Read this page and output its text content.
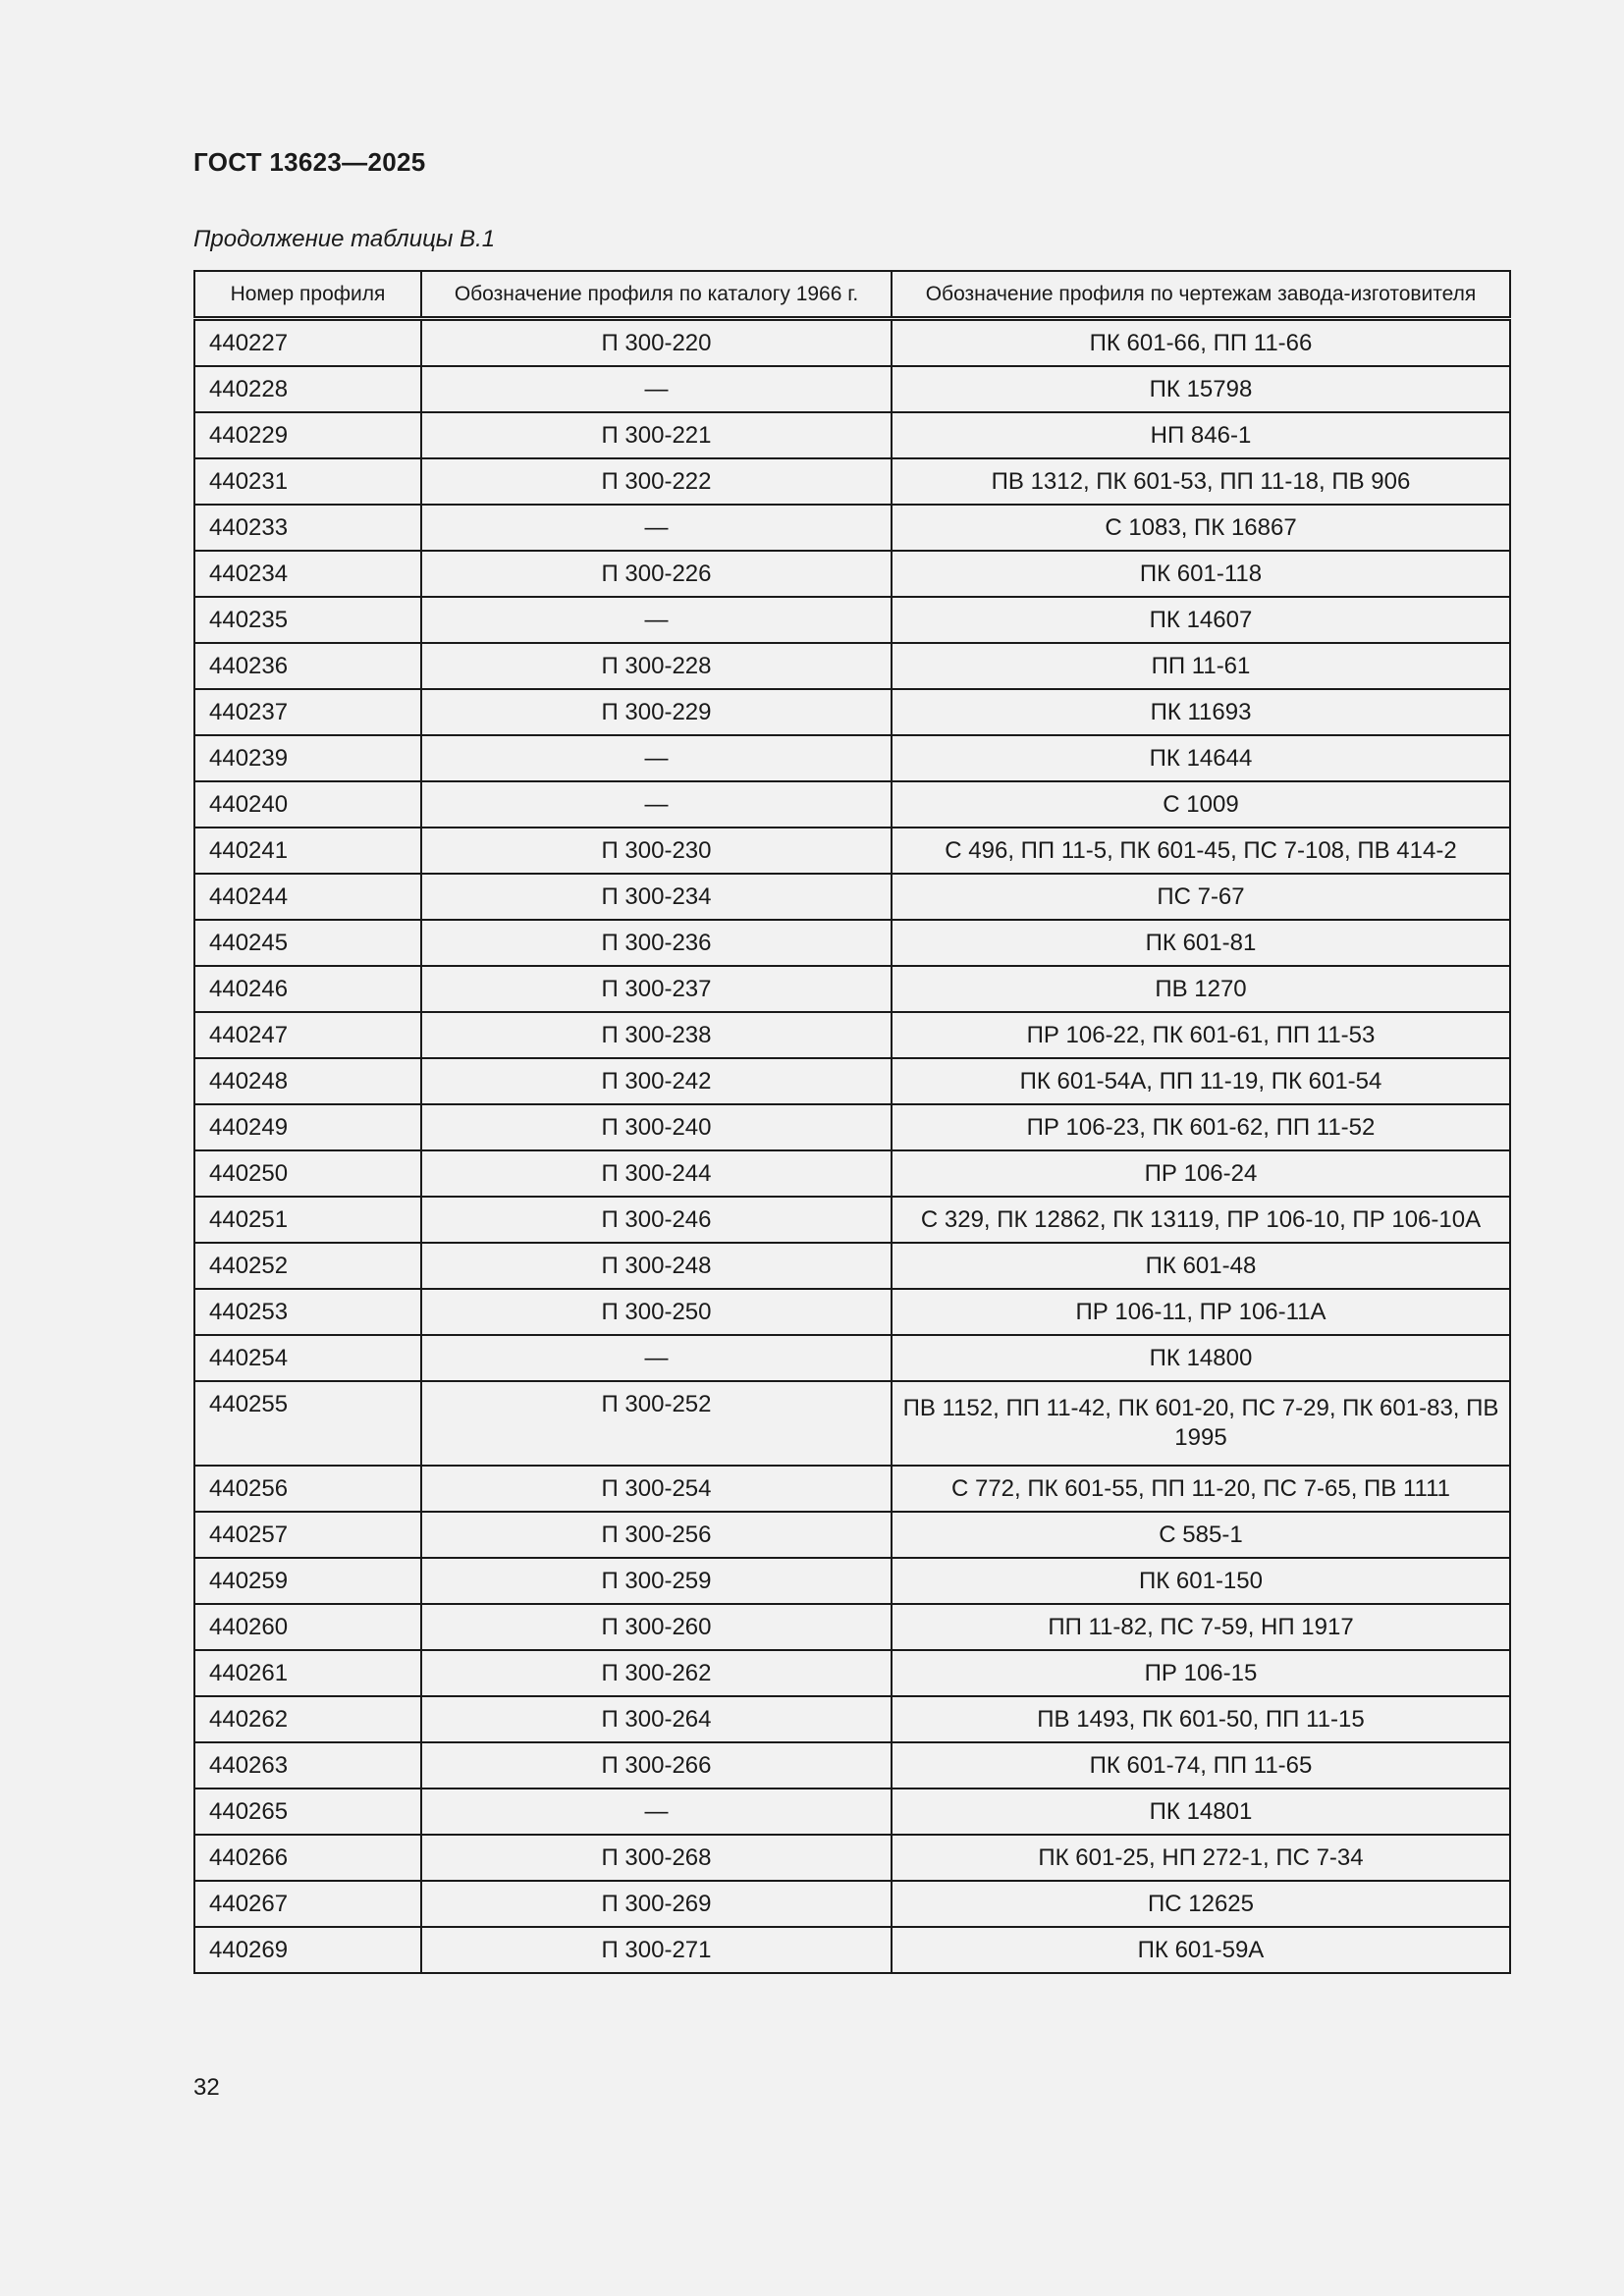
ГОСТ 13623—2025
Продолжение таблицы В.1
Номер профиля	Обозначение профиля по каталогу 1966 г.	Обозначение профиля по чертежам завода-изготовителя
440227	П 300-220	ПК 601-66, ПП 11-66
440228	—	ПК 15798
440229	П 300-221	НП 846-1
440231	П 300-222	ПВ 1312, ПК 601-53, ПП 11-18, ПВ 906
440233	—	С 1083, ПК 16867
440234	П 300-226	ПК 601-118
440235	—	ПК 14607
440236	П 300-228	ПП 11-61
440237	П 300-229	ПК 11693
440239	—	ПК 14644
440240	—	С 1009
440241	П 300-230	С 496, ПП 11-5, ПК 601-45, ПС 7-108, ПВ 414-2
440244	П 300-234	ПС 7-67
440245	П 300-236	ПК 601-81
440246	П 300-237	ПВ 1270
440247	П 300-238	ПР 106-22, ПК 601-61, ПП 11-53
440248	П 300-242	ПК 601-54А, ПП 11-19, ПК 601-54
440249	П 300-240	ПР 106-23, ПК 601-62, ПП 11-52
440250	П 300-244	ПР 106-24
440251	П 300-246	С 329, ПК 12862, ПК 13119, ПР 106-10, ПР 106-10А
440252	П 300-248	ПК 601-48
440253	П 300-250	ПР 106-11, ПР 106-11А
440254	—	ПК 14800
440255	П 300-252	ПВ 1152, ПП 11-42, ПК 601-20, ПС 7-29, ПК 601-83, ПВ 1995
440256	П 300-254	С 772, ПК 601-55, ПП 11-20, ПС 7-65, ПВ 1111
440257	П 300-256	С 585-1
440259	П 300-259	ПК 601-150
440260	П 300-260	ПП 11-82, ПС 7-59, НП 1917
440261	П 300-262	ПР 106-15
440262	П 300-264	ПВ 1493, ПК 601-50, ПП 11-15
440263	П 300-266	ПК 601-74, ПП 11-65
440265	—	ПК 14801
440266	П 300-268	ПК 601-25, НП 272-1, ПС 7-34
440267	П 300-269	ПС 12625
440269	П 300-271	ПК 601-59А
32
